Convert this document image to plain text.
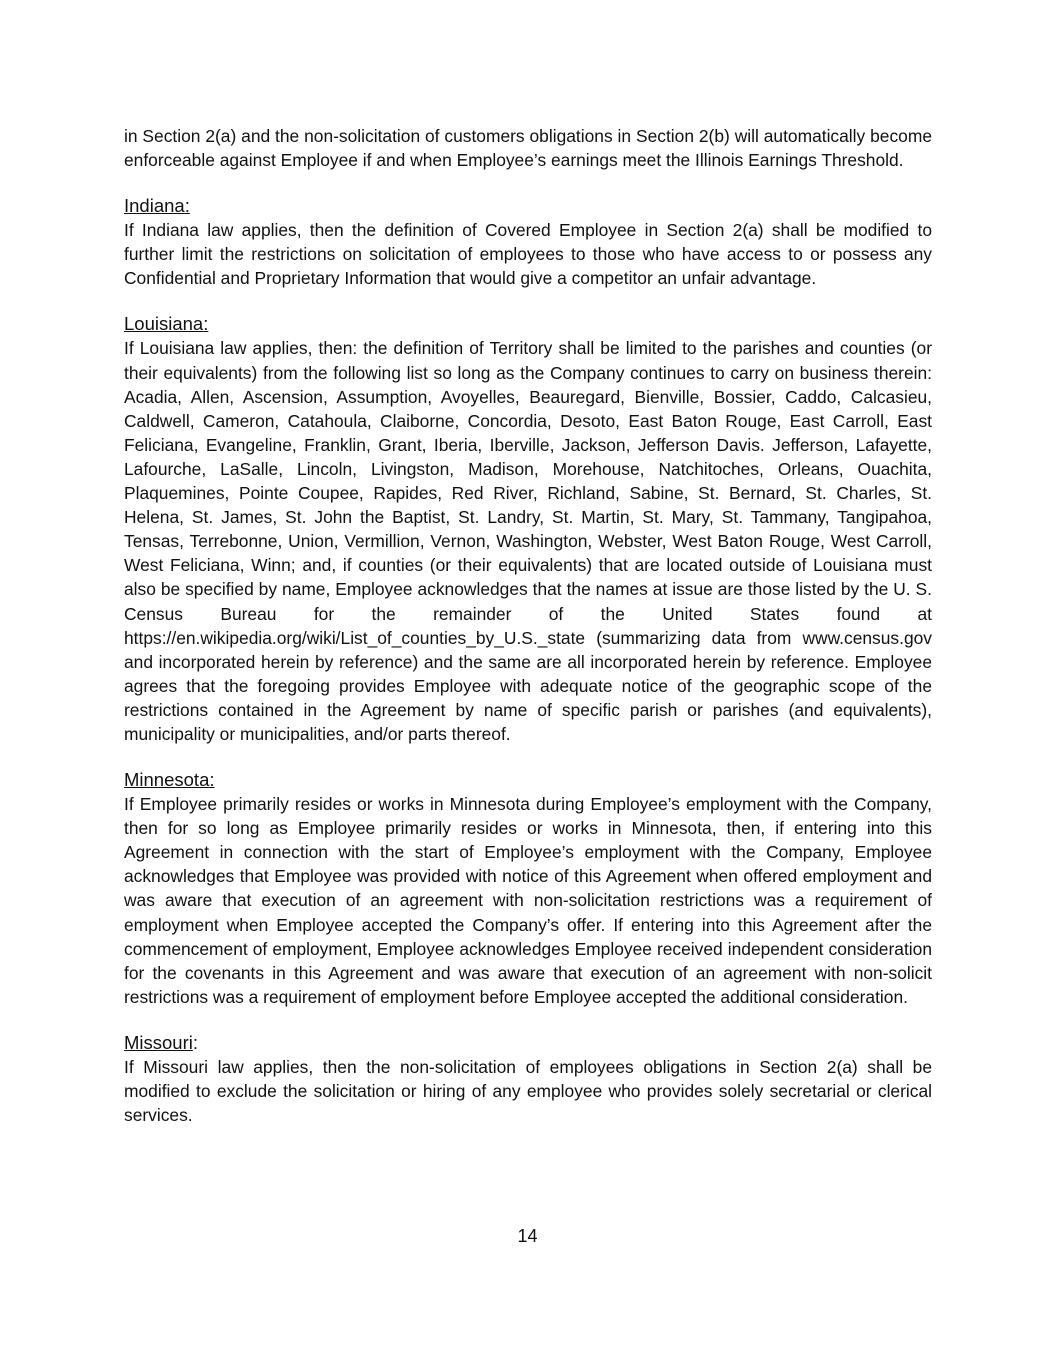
in Section 2(a) and the non-solicitation of customers obligations in Section 2(b) will automatically become enforceable against Employee if and when Employee’s earnings meet the Illinois Earnings Threshold.

Indiana:

If Indiana law applies, then the definition of Covered Employee in Section 2(a) shall be modified to further limit the restrictions on solicitation of employees to those who have access to or possess any Confidential and Proprietary Information that would give a competitor an unfair advantage.

Louisiana:

If Louisiana law applies, then: the definition of Territory shall be limited to the parishes and counties (or their equivalents) from the following list so long as the Company continues to carry on business therein: Acadia, Allen, Ascension, Assumption, Avoyelles, Beauregard, Bienville, Bossier, Caddo, Calcasieu, Caldwell, Cameron, Catahoula, Claiborne, Concordia, Desoto, East Baton Rouge, East Carroll, East Feliciana, Evangeline, Franklin, Grant, Iberia, Iberville, Jackson, Jefferson Davis. Jefferson, Lafayette, Lafourche, LaSalle, Lincoln, Livingston, Madison, Morehouse, Natchitoches, Orleans, Ouachita, Plaquemines, Pointe Coupee, Rapides, Red River, Richland, Sabine, St. Bernard, St. Charles, St. Helena, St. James, St. John the Baptist, St. Landry, St. Martin, St. Mary, St. Tammany, Tangipahoa, Tensas, Terrebonne, Union, Vermillion, Vernon, Washington, Webster, West Baton Rouge, West Carroll, West Feliciana, Winn; and, if counties (or their equivalents) that are located outside of Louisiana must also be specified by name, Employee acknowledges that the names at issue are those listed by the U. S. Census Bureau for the remainder of the United States found at https://en.wikipedia.org/wiki/List_of_counties_by_U.S._state (summarizing data from www.census.gov and incorporated herein by reference) and the same are all incorporated herein by reference. Employee agrees that the foregoing provides Employee with adequate notice of the geographic scope of the restrictions contained in the Agreement by name of specific parish or parishes (and equivalents), municipality or municipalities, and/or parts thereof.

Minnesota:

If Employee primarily resides or works in Minnesota during Employee’s employment with the Company, then for so long as Employee primarily resides or works in Minnesota, then, if entering into this Agreement in connection with the start of Employee’s employment with the Company, Employee acknowledges that Employee was provided with notice of this Agreement when offered employment and was aware that execution of an agreement with non-solicitation restrictions was a requirement of employment when Employee accepted the Company’s offer. If entering into this Agreement after the commencement of employment, Employee acknowledges Employee received independent consideration for the covenants in this Agreement and was aware that execution of an agreement with non-solicit restrictions was a requirement of employment before Employee accepted the additional consideration.

Missouri:

If Missouri law applies, then the non-solicitation of employees obligations in Section 2(a) shall be modified to exclude the solicitation or hiring of any employee who provides solely secretarial or clerical services.

14
